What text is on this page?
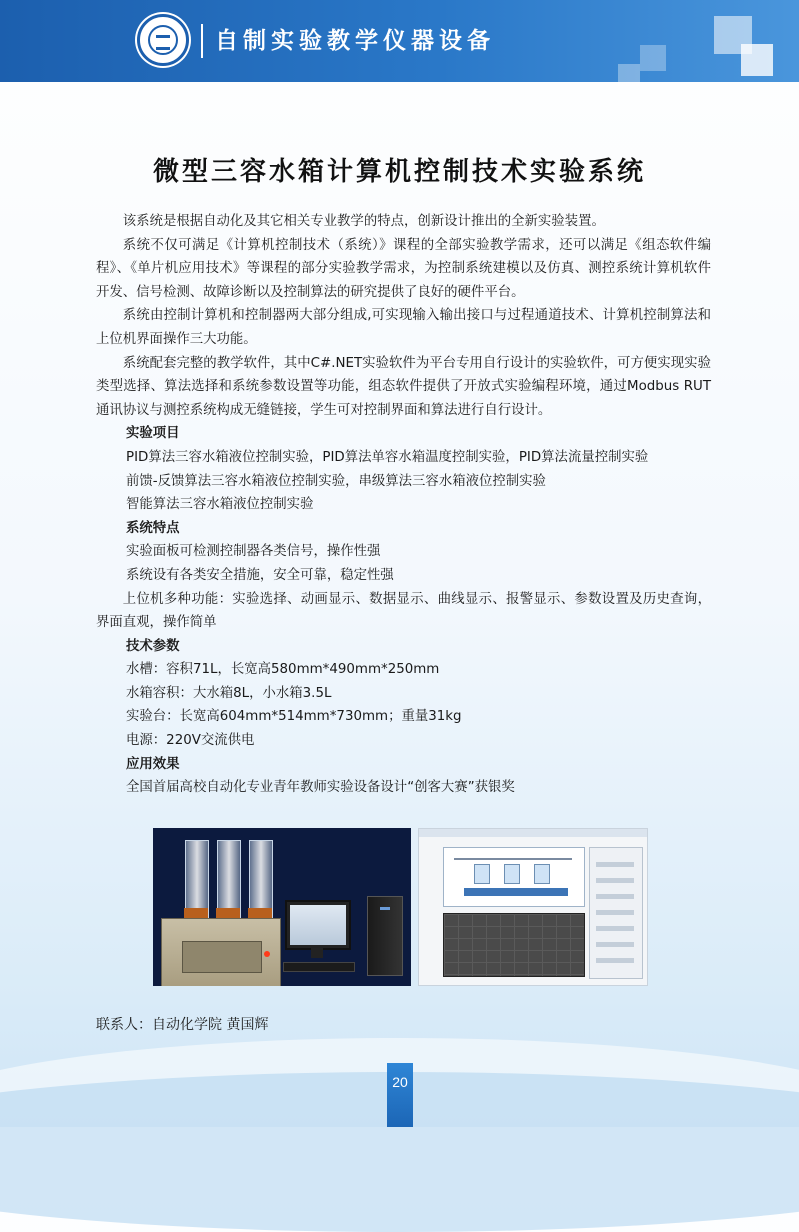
自制实验教学仪器设备
微型三容水箱计算机控制技术实验系统

该系统是根据自动化及其它相关专业教学的特点，创新设计推出的全新实验装置。

系统不仅可满足《计算机控制技术（系统）》课程的全部实验教学需求，还可以满足《组态软件编程》、《单片机应用技术》等课程的部分实验教学需求，为控制系统建模以及仿真、测控系统计算机软件开发、信号检测、故障诊断以及控制算法的研究提供了良好的硬件平台。

系统由控制计算机和控制器两大部分组成,可实现输入输出接口与过程通道技术、计算机控制算法和上位机界面操作三大功能。

系统配套完整的教学软件，其中C#.NET实验软件为平台专用自行设计的实验软件，可方便实现实验类型选择、算法选择和系统参数设置等功能，组态软件提供了开放式实验编程环境，通过Modbus RUT通讯协议与测控系统构成无缝链接，学生可对控制界面和算法进行自行设计。

实验项目
PID算法三容水箱液位控制实验，PID算法单容水箱温度控制实验，PID算法流量控制实验
前馈-反馈算法三容水箱液位控制实验，串级算法三容水箱液位控制实验
智能算法三容水箱液位控制实验
系统特点
实验面板可检测控制器各类信号，操作性强
系统设有各类安全措施，安全可靠，稳定性强

上位机多种功能：实验选择、动画显示、数据显示、曲线显示、报警显示、参数设置及历史查询，界面直观，操作简单

技术参数
水槽：容积71L，长宽高580mm*490mm*250mm
水箱容积：大水箱8L，小水箱3.5L
实验台：长宽高604mm*514mm*730mm；重量31kg
电源：220V交流供电
应用效果
全国首届高校自动化专业青年教师实验设备设计“创客大赛”获银奖
联系人：自动化学院 黄国辉
20
